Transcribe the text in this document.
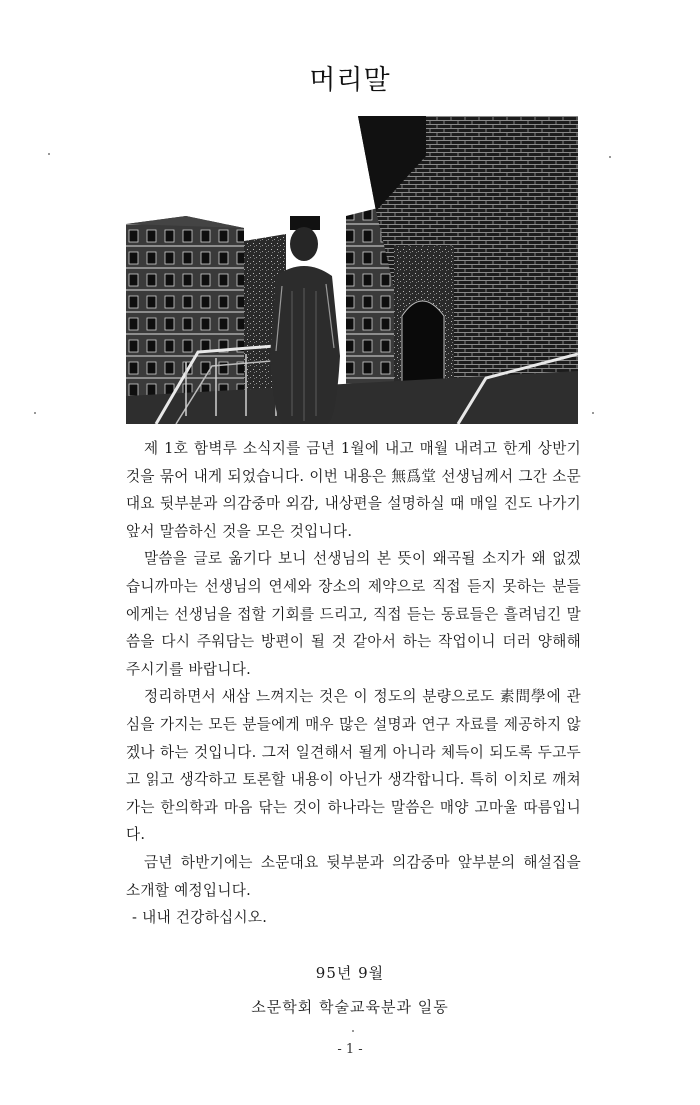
머리말

제 1호 함벽루 소식지를 금년 1월에 내고 매월 내려고 한게 상반기 것을 묶어 내게 되었습니다. 이번 내용은 無爲堂 선생님께서 그간 소문대요 뒷부분과 의감중마 외감, 내상편을 설명하실 때 매일 진도 나가기 앞서 말씀하신 것을 모은 것입니다.

말씀을 글로 옮기다 보니 선생님의 본 뜻이 왜곡될 소지가 왜 없겠습니까마는 선생님의 연세와 장소의 제약으로 직접 듣지 못하는 분들에게는 선생님을 접할 기회를 드리고, 직접 듣는 동료들은 흘려넘긴 말씀을 다시 주워담는 방편이 될 것 같아서 하는 작업이니 더러 양해해 주시기를 바랍니다.

정리하면서 새삼 느껴지는 것은 이 정도의 분량으로도 素問學에 관심을 가지는 모든 분들에게 매우 많은 설명과 연구 자료를 제공하지 않겠나 하는 것입니다. 그저 일견해서 될게 아니라 체득이 되도록 두고두고 읽고 생각하고 토론할 내용이 아닌가 생각합니다. 특히 이치로 깨쳐가는 한의학과 마음 닦는 것이 하나라는 말씀은 매양 고마울 따름입니다.

금년 하반기에는 소문대요 뒷부분과 의감중마 앞부분의 해설집을 소개할 예정입니다.

- 내내 건강하십시오.

95년 9월
소문학회 학술교육분과 일동
- 1 -
